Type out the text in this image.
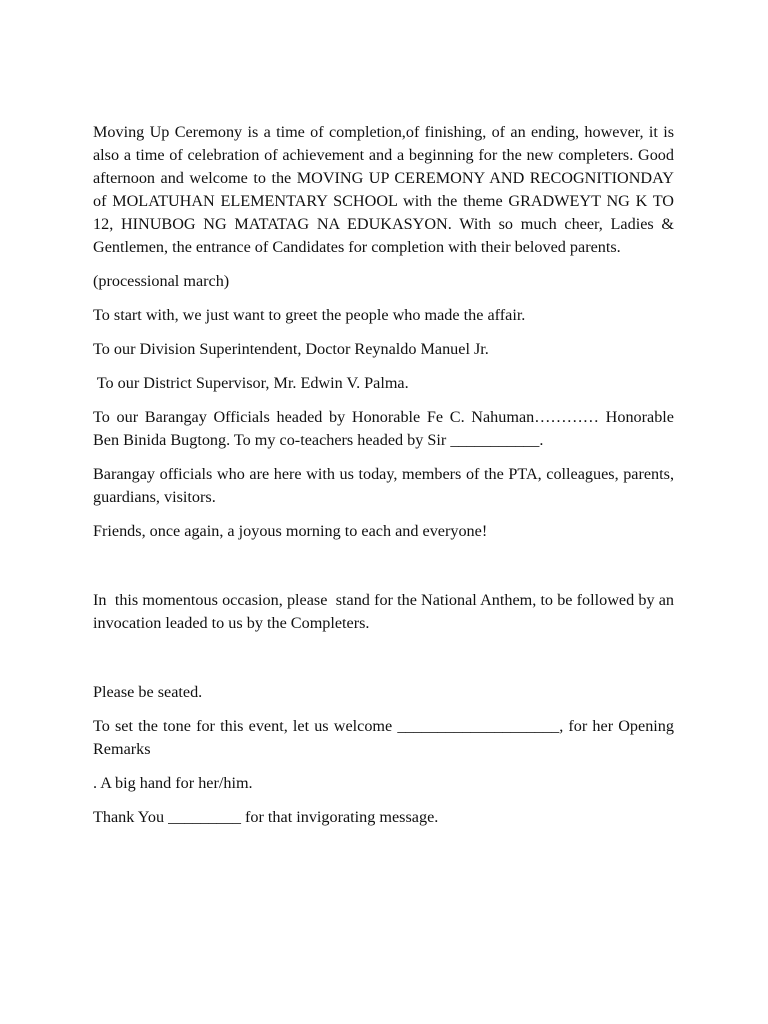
Moving Up Ceremony is a time of completion,of finishing, of an ending, however, it is also a time of celebration of achievement and a beginning for the new completers. Good afternoon and welcome to the MOVING UP CEREMONY AND RECOGNITIONDAY of MOLATUHAN ELEMENTARY SCHOOL with the theme GRADWEYT NG K TO 12, HINUBOG NG MATATAG NA EDUKASYON. With so much cheer, Ladies & Gentlemen, the entrance of Candidates for completion with their beloved parents.

(processional march)

To start with, we just want to greet the people who made the affair.

To our Division Superintendent, Doctor Reynaldo Manuel Jr.

To our District Supervisor, Mr. Edwin V. Palma.

To our Barangay Officials headed by Honorable Fe C. Nahuman………… Honorable Ben Binida Bugtong. To my co-teachers headed by Sir ___________.

Barangay officials who are here with us today, members of the PTA, colleagues, parents, guardians, visitors.

Friends, once again, a joyous morning to each and everyone!

In  this momentous occasion, please  stand for the National Anthem, to be followed by an invocation leaded to us by the Completers.

Please be seated.

To set the tone for this event, let us welcome ____________________, for her Opening Remarks

. A big hand for her/him.

Thank You _________ for that invigorating message.
